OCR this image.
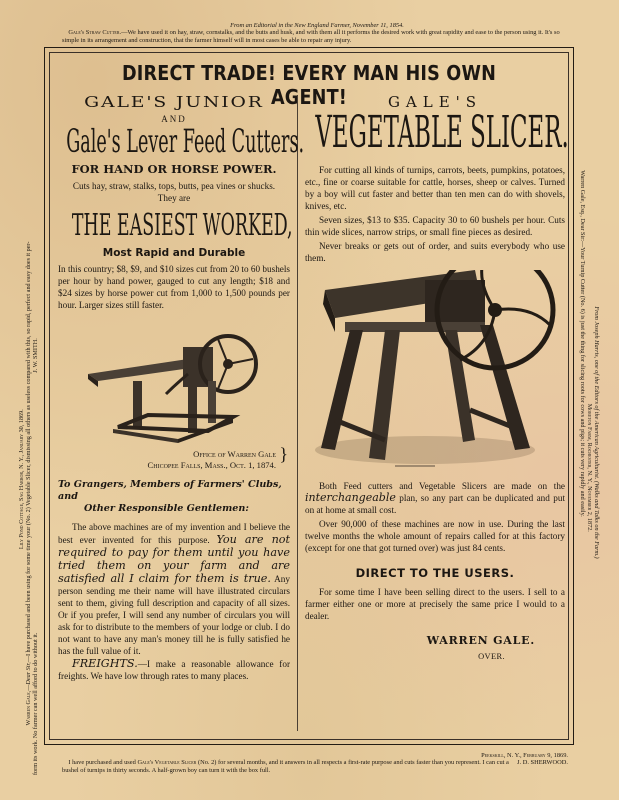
From an Editorial in the New England Farmer, November 11, 1854.
Gale's Straw Cutter.—We have used it on hay, straw, cornstalks, and the butts and husk, and with them all it performs the desired work with great rapidity and ease to the person using it. It's so simple in its arrangement and construction, that the farmer himself will in most cases be able to repair any injury.
Lily Pond Cottage, Sag Harbor, N. Y., January 30, 1869.
Warren Gale,—Dear Sir,—I have purchased and been using for some time your (No. 2) Vegetable Slicer, dismissing all others as useless compared with this, so rapid, perfect and easy does it per-
form its work. No farmer can well afford to do without it.                                                                                                                                                                        J. W. SMITH.	From Joseph Harris, one of the Editors of the American Agriculturist. (Walks and Talks on the Farm.)
Moreton Farm, Rochester, N. Y., November 2, 1872.
Warren Gale, Esq., Dear Sir:—Your Turnip Cutter (No. 6) is just the thing for slicing roots for cows and pigs; it cuts very rapidly and easily.
DIRECT TRADE! EVERY MAN HIS OWN AGENT!
GALE'S JUNIOR
AND
Gale's Lever Feed Cutters.
FOR HAND OR HORSE POWER.
Cuts hay, straw, stalks, tops, butts, pea vines or shucks.
They are
THE EASIEST WORKED,
Most Rapid and Durable
In this country; $8, $9, and $10 sizes cut from 20 to 60 bushels per hour by hand power, gauged to cut any length; $18 and $24 sizes by horse power cut from 1,000 to 1,500 pounds per hour. Larger sizes still faster.
Office of Warren Gale
Chicopee Falls, Mass., Oct. 1, 1874.
}
To Grangers, Members of Farmers' Clubs, and
Other Responsible Gentlemen:
The above machines are of my invention and I believe the best ever invented for this purpose. You are not required to pay for them until you have tried them on your farm and are satisfied all I claim for them is true. Any person sending me their name will have illustrated circulars sent to them, giving full description and capacity of all sizes. Or if you prefer, I will send any number of circulars you will ask for to distribute to the members of your lodge or club. I do not want to have any man's money till he is fully satisfied he has the full value of it.
FREIGHTS.—I make a reasonable allowance for freights. We have low through rates to many places.
GALE'S
VEGETABLE SLICER.
For cutting all kinds of turnips, carrots, beets, pumpkins, potatoes, etc., fine or coarse suitable for cattle, horses, sheep or calves. Turned by a boy will cut faster and better than ten men can do with shovels, knives, etc.
Seven sizes, $13 to $35. Capacity 30 to 60 bushels per hour. Cuts thin wide slices, narrow strips, or small fine pieces as desired.
Never breaks or gets out of order, and suits everybody who use them.
Both Feed cutters and Vegetable Slicers are made on the interchangeable plan, so any part can be duplicated and put on at home at small cost.
Over 90,000 of these machines are now in use. During the last twelve months the whole amount of repairs called for at this factory (except for one that got turned over) was just 84 cents.
DIRECT TO THE USERS.
For some time I have been selling direct to the users. I sell to a farmer either one or more at precisely the same price I would to a dealer.
WARREN GALE.
OVER.
Peekskill, N. Y., February 9, 1869.
J. D. SHERWOOD.
I have purchased and used Gale's Vegetable Slicer (No. 2) for several months, and it answers in all respects a first-rate purpose and cuts faster than you represent. I can cut a bushel of turnips in thirty seconds. A half-grown boy can turn it with the box full.
